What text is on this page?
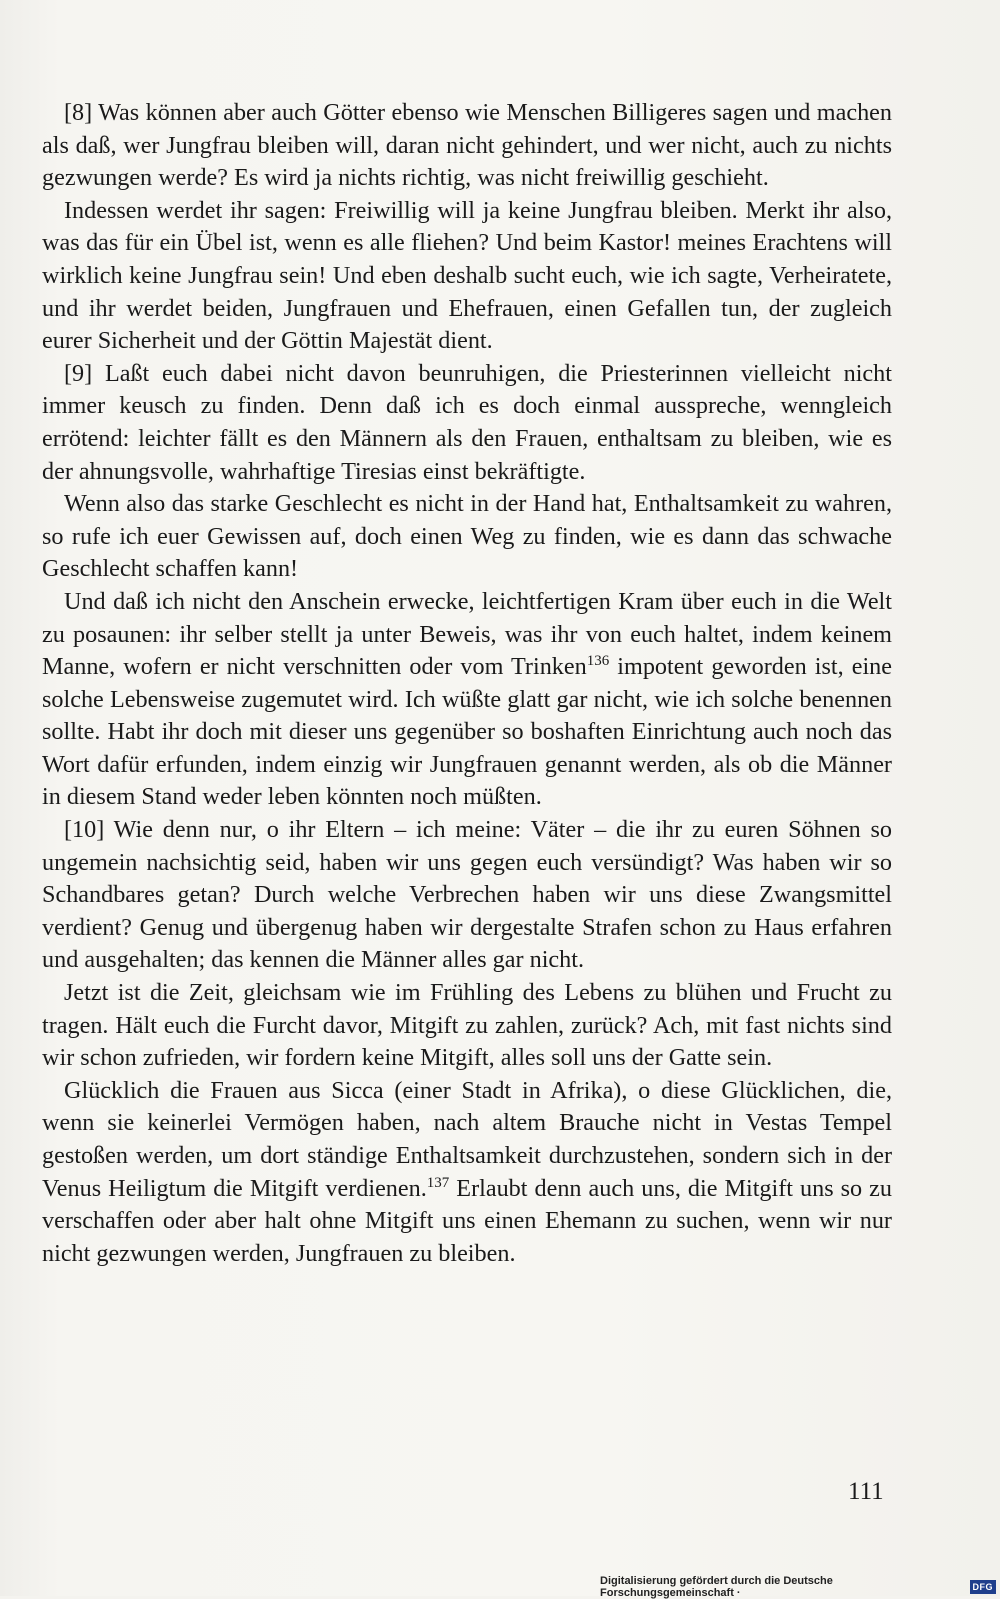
[8] Was können aber auch Götter ebenso wie Menschen Billigeres sagen und machen als daß, wer Jungfrau bleiben will, daran nicht gehindert, und wer nicht, auch zu nichts gezwungen werde? Es wird ja nichts richtig, was nicht freiwillig geschieht.

Indessen werdet ihr sagen: Freiwillig will ja keine Jungfrau bleiben. Merkt ihr also, was das für ein Übel ist, wenn es alle fliehen? Und beim Kastor! meines Erachtens will wirklich keine Jungfrau sein! Und eben deshalb sucht euch, wie ich sagte, Verheiratete, und ihr werdet beiden, Jungfrauen und Ehefrauen, einen Gefallen tun, der zugleich eurer Sicherheit und der Göttin Majestät dient.

[9] Laßt euch dabei nicht davon beunruhigen, die Priesterinnen vielleicht nicht immer keusch zu finden. Denn daß ich es doch einmal ausspreche, wenngleich errötend: leichter fällt es den Männern als den Frauen, enthaltsam zu bleiben, wie es der ahnungsvolle, wahrhaftige Tiresias einst bekräftigte.

Wenn also das starke Geschlecht es nicht in der Hand hat, Enthaltsamkeit zu wahren, so rufe ich euer Gewissen auf, doch einen Weg zu finden, wie es dann das schwache Geschlecht schaffen kann!

Und daß ich nicht den Anschein erwecke, leichtfertigen Kram über euch in die Welt zu posaunen: ihr selber stellt ja unter Beweis, was ihr von euch haltet, indem keinem Manne, wofern er nicht verschnitten oder vom Trinken$^{136}$ impotent geworden ist, eine solche Lebensweise zugemutet wird. Ich wüßte glatt gar nicht, wie ich solche benennen sollte. Habt ihr doch mit dieser uns gegenüber so boshaften Einrichtung auch noch das Wort dafür erfunden, indem einzig wir Jungfrauen genannt werden, als ob die Männer in diesem Stand weder leben könnten noch müßten.

[10] Wie denn nur, o ihr Eltern – ich meine: Väter – die ihr zu euren Söhnen so ungemein nachsichtig seid, haben wir uns gegen euch versündigt? Was haben wir so Schandbares getan? Durch welche Verbrechen haben wir uns diese Zwangsmittel verdient? Genug und übergenug haben wir dergestalte Strafen schon zu Haus erfahren und ausgehalten; das kennen die Männer alles gar nicht.

Jetzt ist die Zeit, gleichsam wie im Frühling des Lebens zu blühen und Frucht zu tragen. Hält euch die Furcht davor, Mitgift zu zahlen, zurück? Ach, mit fast nichts sind wir schon zufrieden, wir fordern keine Mitgift, alles soll uns der Gatte sein.

Glücklich die Frauen aus Sicca (einer Stadt in Afrika), o diese Glücklichen, die, wenn sie keinerlei Vermögen haben, nach altem Brauche nicht in Vestas Tempel gestoßen werden, um dort ständige Enthaltsamkeit durchzustehen, sondern sich in der Venus Heiligtum die Mitgift verdienen.$^{137}$ Erlaubt denn auch uns, die Mitgift uns so zu verschaffen oder aber halt ohne Mitgift uns einen Ehemann zu suchen, wenn wir nur nicht gezwungen werden, Jungfrauen zu bleiben.

111
Digitalisierung gefördert durch die Deutsche Forschungsgemeinschaft ·	DFG
